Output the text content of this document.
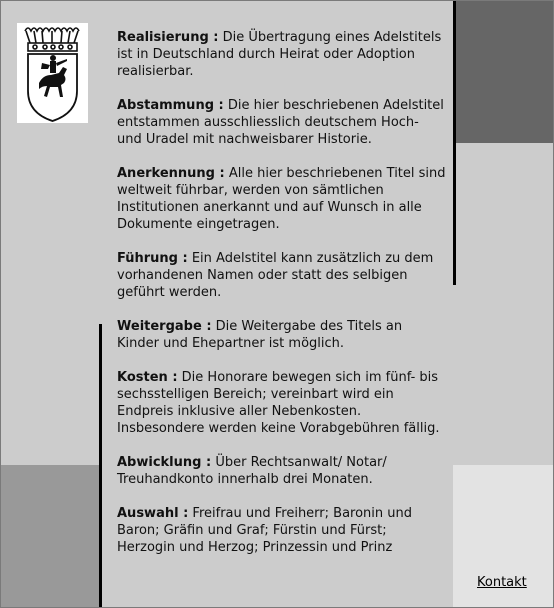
Realisierung : Die Übertragung eines Adelstitels ist in Deutschland durch Heirat oder Adoption realisierbar.
Abstammung : Die hier beschriebenen Adelstitel entstammen ausschliesslich deutschem Hoch- und Uradel mit nachweisbarer Historie.
Anerkennung : Alle hier beschriebenen Titel sind weltweit führbar, werden von sämtlichen Institutionen anerkannt und auf Wunsch in alle Dokumente eingetragen.
Führung : Ein Adelstitel kann zusätzlich zu dem vorhandenen Namen oder statt des selbigen geführt werden.
Weitergabe : Die Weitergabe des Titels an Kinder und Ehepartner ist möglich.
Kosten : Die Honorare bewegen sich im fünf- bis sechsstelligen Bereich; vereinbart wird ein Endpreis inklusive aller Nebenkosten. Insbesondere werden keine Vorabgebühren fällig.
Abwicklung : Über Rechtsanwalt/ Notar/ Treuhandkonto innerhalb drei Monaten.
Auswahl : Freifrau und Freiherr; Baronin und Baron; Gräfin und Graf; Fürstin und Fürst; Herzogin und Herzog; Prinzessin und Prinz
Kontakt
